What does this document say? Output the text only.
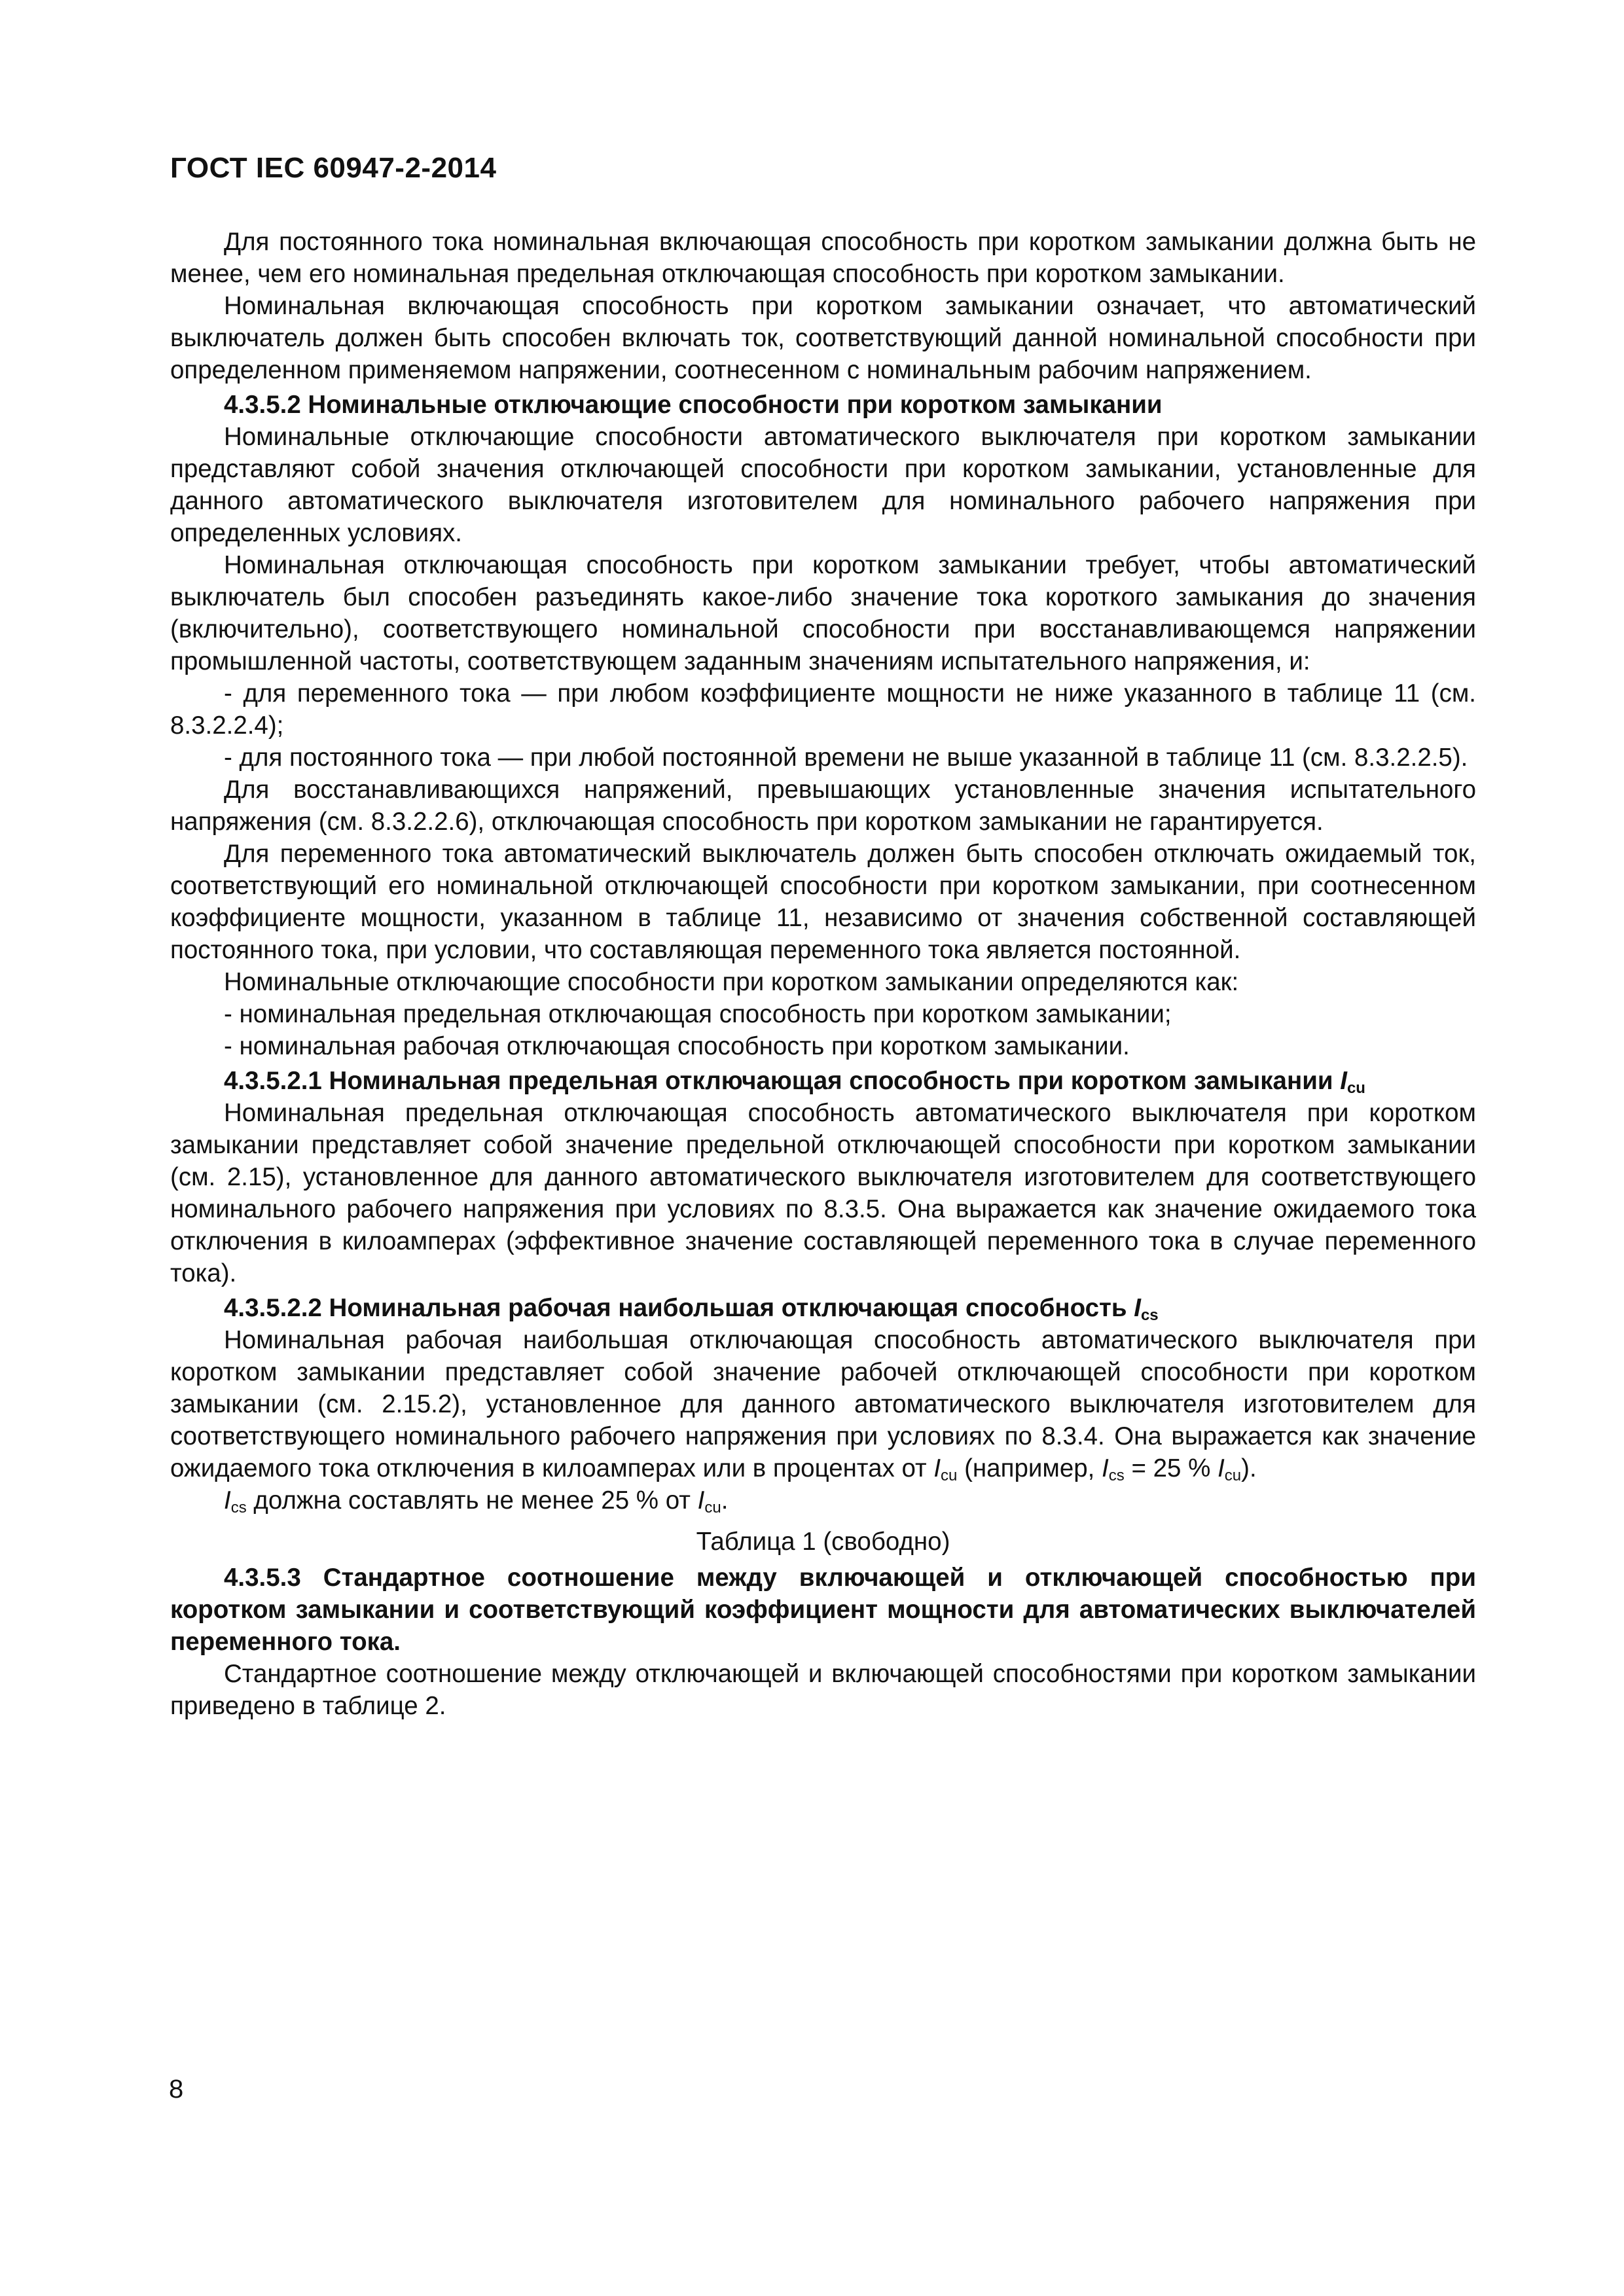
ГОСТ IEC 60947-2-2014

Для постоянного тока номинальная включающая способность при коротком замыкании должна быть не менее, чем его номинальная предельная отключающая способность при коротком замыкании.

Номинальная включающая способность при коротком замыкании означает, что автоматический выключатель должен быть способен включать ток, соответствующий данной номинальной способности при определенном применяемом напряжении, соотнесенном с номинальным рабочим напряжением.

4.3.5.2 Номинальные отключающие способности при коротком замыкании

Номинальные отключающие способности автоматического выключателя при коротком замыкании представляют собой значения отключающей способности при коротком замыкании, установленные для данного автоматического выключателя изготовителем для номинального рабочего напряжения при определенных условиях.

Номинальная отключающая способность при коротком замыкании требует, чтобы автоматический выключатель был способен разъединять какое-либо значение тока короткого замыкания до значения (включительно), соответствующего номинальной способности при восстанавливающемся напряжении промышленной частоты, соответствующем заданным значениям испытательного напряжения, и:

- для переменного тока — при любом коэффициенте мощности не ниже указанного в таблице 11 (см. 8.3.2.2.4);

- для постоянного тока — при любой постоянной времени не выше указанной в таблице 11 (см. 8.3.2.2.5).

Для восстанавливающихся напряжений, превышающих установленные значения испытательного напряжения (см. 8.3.2.2.6), отключающая способность при коротком замыкании не гарантируется.

Для переменного тока автоматический выключатель должен быть способен отключать ожидаемый ток, соответствующий его номинальной отключающей способности при коротком замыкании, при соотнесенном коэффициенте мощности, указанном в таблице 11, независимо от значения собственной составляющей постоянного тока, при условии, что составляющая переменного тока является постоянной.

Номинальные отключающие способности при коротком замыкании определяются как:

- номинальная предельная отключающая способность при коротком замыкании;

- номинальная рабочая отключающая способность при коротком замыкании.

4.3.5.2.1 Номинальная предельная отключающая способность при коротком замыкании $I_{cu}$

Номинальная предельная отключающая способность автоматического выключателя при коротком замыкании представляет собой значение предельной отключающей способности при коротком замыкании (см. 2.15), установленное для данного автоматического выключателя изготовителем для соответствующего номинального рабочего напряжения при условиях по 8.3.5. Она выражается как значение ожидаемого тока отключения в килоамперах (эффективное значение составляющей переменного тока в случае переменного тока).

4.3.5.2.2 Номинальная рабочая наибольшая отключающая способность $I_{cs}$

Номинальная рабочая наибольшая отключающая способность автоматического выключателя при коротком замыкании представляет собой значение рабочей отключающей способности при коротком замыкании (см. 2.15.2), установленное для данного автоматического выключателя изготовителем для соответствующего номинального рабочего напряжения при условиях по 8.3.4. Она выражается как значение ожидаемого тока отключения в килоамперах или в процентах от $I_{cu}$ (например, $I_{cs} = 25$ % $I_{cu}$).

$I_{cs}$ должна составлять не менее 25 % от $I_{cu}$.

Таблица 1 (свободно)

4.3.5.3 Стандартное соотношение между включающей и отключающей способностью при коротком замыкании и соответствующий коэффициент мощности для автоматических выключателей переменного тока.

Стандартное соотношение между отключающей и включающей способностями при коротком замыкании приведено в таблице 2.

8
